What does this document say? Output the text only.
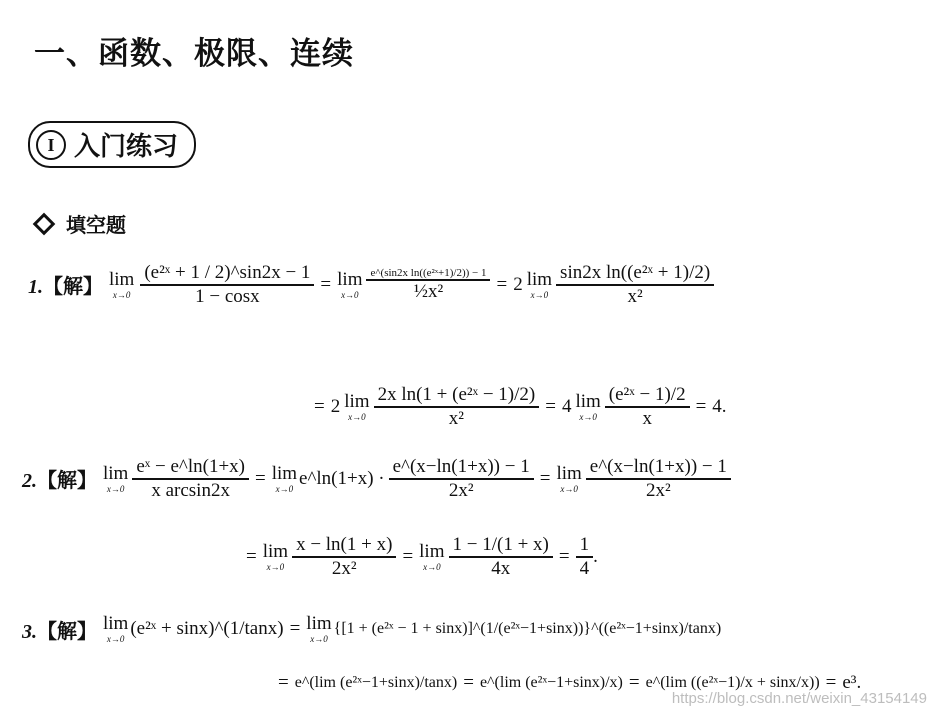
一、函数、极限、连续
I 入门练习
填空题
1.【解】 lim
$x\to 0 \frac{\text{(e²ˣ + 1 / 2)\textasciicircum{}sin2x − 1}}{1 - \cos x} = \lim$
$x\to 0 \frac{\text{e\textasciicircum{}(sin2x ln((e²ˣ+1)/2)) − 1}}{\text{½x²}} = 2$ lim
$x\to 0 \frac{\text{sin2x ln((e²ˣ + 1)/2)}}{\text{x²}}$
= 2 lim
$x\to 0 \frac{\text{2x ln(1 + (e²ˣ − 1)/2)}}{\text{x²}} = 4$ lim
$x\to 0 \frac{\text{(e²ˣ − 1)/2}}{x} = 4$.
2.【解】 lim
$x\to 0 \frac{\text{eˣ − e\textasciicircum{}ln(1+x)}}{\text{x arcsin2x}} = \lim$
x→0 e^ln(1+x) · $\frac{e\^{}(x-\ln(1+x)) - 1}{\text{2x²}} = \lim$
$x\to 0 \frac{e\^{}(x-\ln(1+x)) - 1}{\text{2x²}}$
= lim
$x\to 0 \frac{x - \ln(1 + x)}{\text{2x²}} = \lim$
$x\to 0 \frac{1 - 1/(1 + x)}{4x} = \frac{1}{4}$ .
3.【解】 lim
x→0 (e²ˣ + sinx)^(1/tanx) = lim
x→0
{[1 + (e²ˣ − 1 + sinx)]^(1/(e²ˣ−1+sinx))}^((e²ˣ−1+sinx)/tanx)
= e^(lim (e²ˣ−1+sinx)/tanx) = e^(lim (e²ˣ−1+sinx)/x) = e^(lim ((e²ˣ−1)/x + sinx/x)) = e³.
https://blog.csdn.net/weixin_43154149
